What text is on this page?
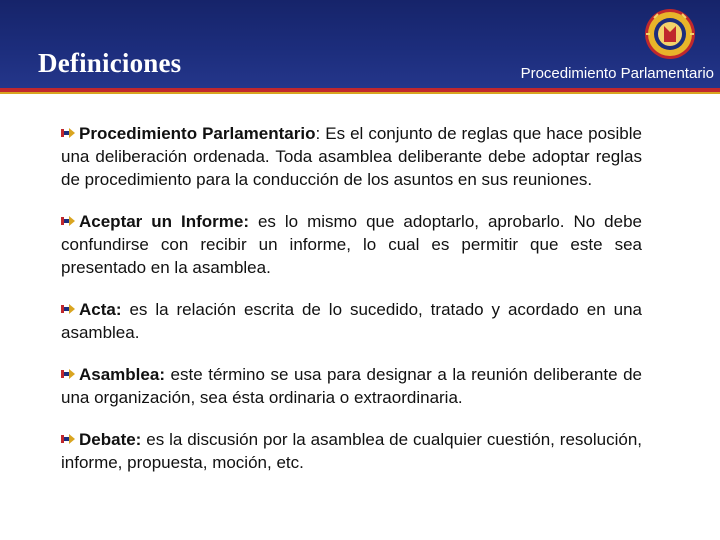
Definiciones	Procedimiento Parlamentario

Procedimiento Parlamentario: Es el conjunto de reglas que hace posible una deliberación ordenada. Toda asamblea deliberante debe adoptar reglas de procedimiento para la conducción de los asuntos en sus reuniones.

Aceptar un Informe: es lo mismo que adoptarlo, aprobarlo. No debe confundirse con recibir un informe, lo cual es permitir que este sea presentado en la asamblea.

Acta: es la relación escrita de lo sucedido, tratado y acordado en una asamblea.

Asamblea: este término se usa para designar a la reunión deliberante de una organización, sea ésta ordinaria o extraordinaria.

Debate: es la discusión por la asamblea de cualquier cuestión, resolución, informe, propuesta, moción, etc.
